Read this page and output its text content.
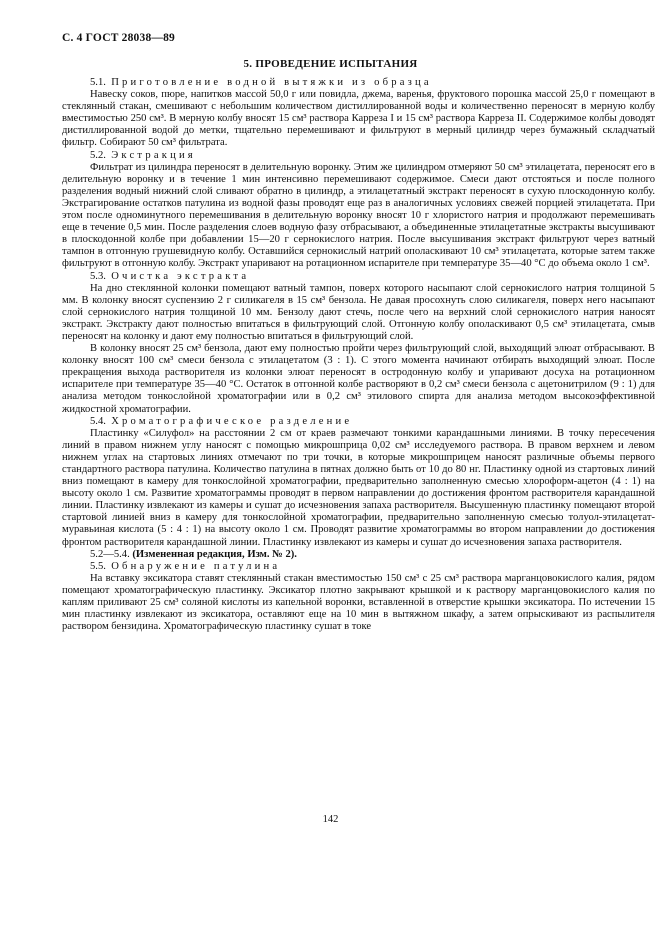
С. 4 ГОСТ 28038—89
5. ПРОВЕДЕНИЕ ИСПЫТАНИЯ

5.1. Приготовление водной вытяжки из образца

Навеску соков, пюре, напитков массой 50,0 г или повидла, джема, варенья, фруктового порошка массой 25,0 г помещают в стеклянный стакан, смешивают с небольшим количеством дистиллированной воды и количественно переносят в мерную колбу вместимостью 250 см³. В мерную колбу вносят 15 см³ раствора Карреза I и 15 см³ раствора Карреза II. Содержимое колбы доводят дистиллированной водой до метки, тщательно перемешивают и фильтруют в мерный цилиндр через бумажный складчатый фильтр. Собирают 50 см³ фильтрата.

5.2. Экстракция

Фильтрат из цилиндра переносят в делительную воронку. Этим же цилиндром отмеряют 50 см³ этилацетата, переносят его в делительную воронку и в течение 1 мин интенсивно перемешивают содержимое. Смеси дают отстояться и после полного разделения водный нижний слой сливают обратно в цилиндр, а этилацетатный экстракт переносят в сухую плоскодонную колбу. Экстрагирование остатков патулина из водной фазы проводят еще раз в аналогичных условиях свежей порцией этилацетата. При этом после одноминутного перемешивания в делительную воронку вносят 10 г хлористого натрия и продолжают перемешивать еще в течение 0,5 мин. После разделения слоев водную фазу отбрасывают, а объединенные этилацетатные экстракты высушивают в плоскодонной колбе при добавлении 15—20 г сернокислого натрия. После высушивания экстракт фильтруют через ватный тампон в отгонную грушевидную колбу. Оставшийся сернокислый натрий ополаскивают 10 см³ этилацетата, которые затем также фильтруют в отгонную колбу. Экстракт упаривают на ротационном испарителе при температуре 35—40 °C до объема около 1 см³.

5.3. Очистка экстракта

На дно стеклянной колонки помещают ватный тампон, поверх которого насыпают слой сернокислого натрия толщиной 5 мм. В колонку вносят суспензию 2 г силикагеля в 15 см³ бензола. Не давая просохнуть слою силикагеля, поверх него насыпают слой сернокислого натрия толщиной 10 мм. Бензолу дают стечь, после чего на верхний слой сернокислого натрия наносят экстракт. Экстракту дают полностью впитаться в фильтрующий слой. Отгонную колбу ополаскивают 0,5 см³ этилацетата, смыв переносят на колонку и дают ему полностью впитаться в фильтрующий слой.

В колонку вносят 25 см³ бензола, дают ему полностью пройти через фильтрующий слой, выходящий элюат отбрасывают. В колонку вносят 100 см³ смеси бензола с этилацетатом (3 : 1). С этого момента начинают отбирать выходящий элюат. После прекращения выхода растворителя из колонки элюат переносят в остродонную колбу и упаривают досуха на ротационном испарителе при температуре 35—40 °C. Остаток в отгонной колбе растворяют в 0,2 см³ смеси бензола с ацетонитрилом (9 : 1) для анализа методом тонкослойной хроматографии или в 0,2 см³ этилового спирта для анализа методом высокоэффективной жидкостной хроматографии.

5.4. Хроматографическое разделение

Пластинку «Силуфол» на расстоянии 2 см от краев размечают тонкими карандашными линиями. В точку пересечения линий в правом нижнем углу наносят с помощью микрошприца 0,02 см³ исследуемого раствора. В правом верхнем и левом нижнем углах на стартовых линиях отмечают по три точки, в которые микрошприцем наносят различные объемы первого стандартного раствора патулина. Количество патулина в пятнах должно быть от 10 до 80 нг. Пластинку одной из стартовых линий вниз помещают в камеру для тонкослойной хроматографии, предварительно заполненную смесью хлороформ-ацетон (4 : 1) на высоту около 1 см. Развитие хроматограммы проводят в первом направлении до достижения фронтом растворителя карандашной линии. Пластинку извлекают из камеры и сушат до исчезновения запаха растворителя. Высушенную пластинку помещают второй стартовой линией вниз в камеру для тонкослойной хроматографии, предварительно заполненную смесью толуол-этилацетат-муравьиная кислота (5 : 4 : 1) на высоту около 1 см. Проводят развитие хроматограммы во втором направлении до достижения фронтом растворителя карандашной линии. Пластинку извлекают из камеры и сушат до исчезновения запаха растворителя.

5.2—5.4. (Измененная редакция, Изм. № 2).

5.5. Обнаружение патулина

На вставку эксикатора ставят стеклянный стакан вместимостью 150 см³ с 25 см³ раствора марганцовокислого калия, рядом помещают хроматографическую пластинку. Эксикатор плотно закрывают крышкой и к раствору марганцовокислого калия по каплям приливают 25 см³ соляной кислоты из капельной воронки, вставленной в отверстие крышки эксикатора. По истечении 15 мин пластинку извлекают из эксикатора, оставляют еще на 10 мин в вытяжном шкафу, а затем опрыскивают из распылителя раствором бензидина. Хроматографическую пластинку сушат в токе

142
